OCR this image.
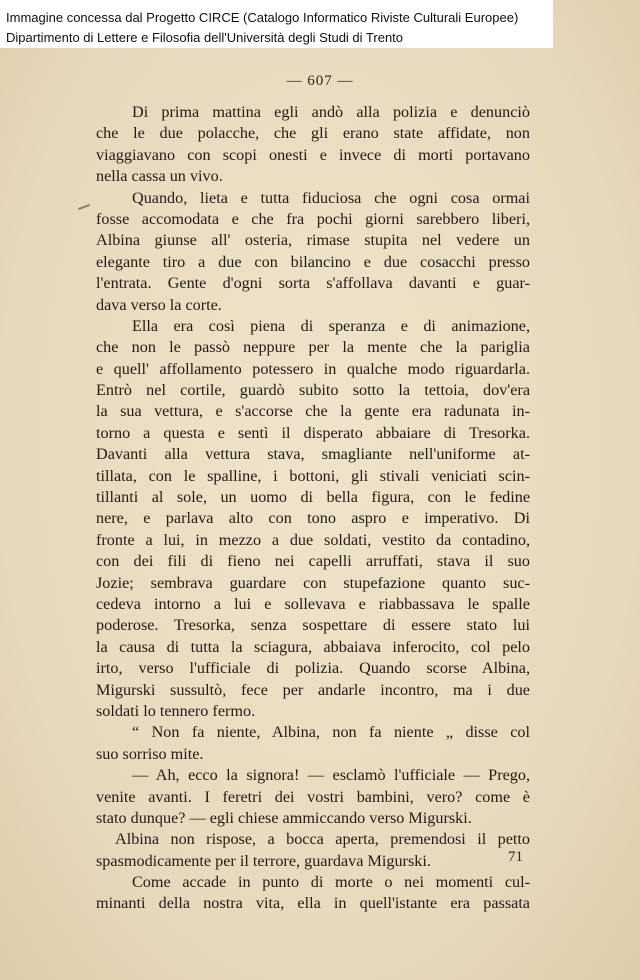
Immagine concessa dal Progetto CIRCE (Catalogo Informatico Riviste Culturali Europee)
Dipartimento di Lettere e Filosofia dell'Università degli Studi di Trento
— 607 —
Di prima mattina egli andò alla polizia e denunciò
che le due polacche, che gli erano state affidate, non
viaggiavano con scopi onesti e invece di morti portavano
nella cassa un vivo.
Quando, lieta e tutta fiduciosa che ogni cosa ormai
fosse accomodata e che fra pochi giorni sarebbero liberi,
Albina giunse all' osteria, rimase stupita nel vedere un
elegante tiro a due con bilancino e due cosacchi presso
l'entrata. Gente d'ogni sorta s'affollava davanti e guar-
dava verso la corte.
Ella era così piena di speranza e di animazione,
che non le passò neppure per la mente che la pariglia
e quell' affollamento potessero in qualche modo riguardarla.
Entrò nel cortile, guardò subito sotto la tettoia, dov'era
la sua vettura, e s'accorse che la gente era radunata in-
torno a questa e sentì il disperato abbaiare di Tresorka.
Davanti alla vettura stava, smagliante nell'uniforme at-
tillata, con le spalline, i bottoni, gli stivali veniciati scin-
tillanti al sole, un uomo di bella figura, con le fedine
nere, e parlava alto con tono aspro e imperativo. Di
fronte a lui, in mezzo a due soldati, vestito da contadino,
con dei fili di fieno nei capelli arruffati, stava il suo
Jozie; sembrava guardare con stupefazione quanto suc-
cedeva intorno a lui e sollevava e riabbassava le spalle
poderose. Tresorka, senza sospettare di essere stato lui
la causa di tutta la sciagura, abbaiava inferocito, col pelo
irto, verso l'ufficiale di polizia. Quando scorse Albina,
Migurski sussultò, fece per andarle incontro, ma i due
soldati lo tennero fermo.
“ Non fa niente, Albina, non fa niente „ disse col
suo sorriso mite.
— Ah, ecco la signora! — esclamò l'ufficiale — Prego,
venite avanti. I feretri dei vostri bambini, vero? come è
stato dunque? — egli chiese ammiccando verso Migurski.
Albina non rispose, a bocca aperta, premendosi il petto
spasmodicamente per il terrore, guardava Migurski.
Come accade in punto di morte o nei momenti cul-
minanti della nostra vita, ella in quell'istante era passata
71
